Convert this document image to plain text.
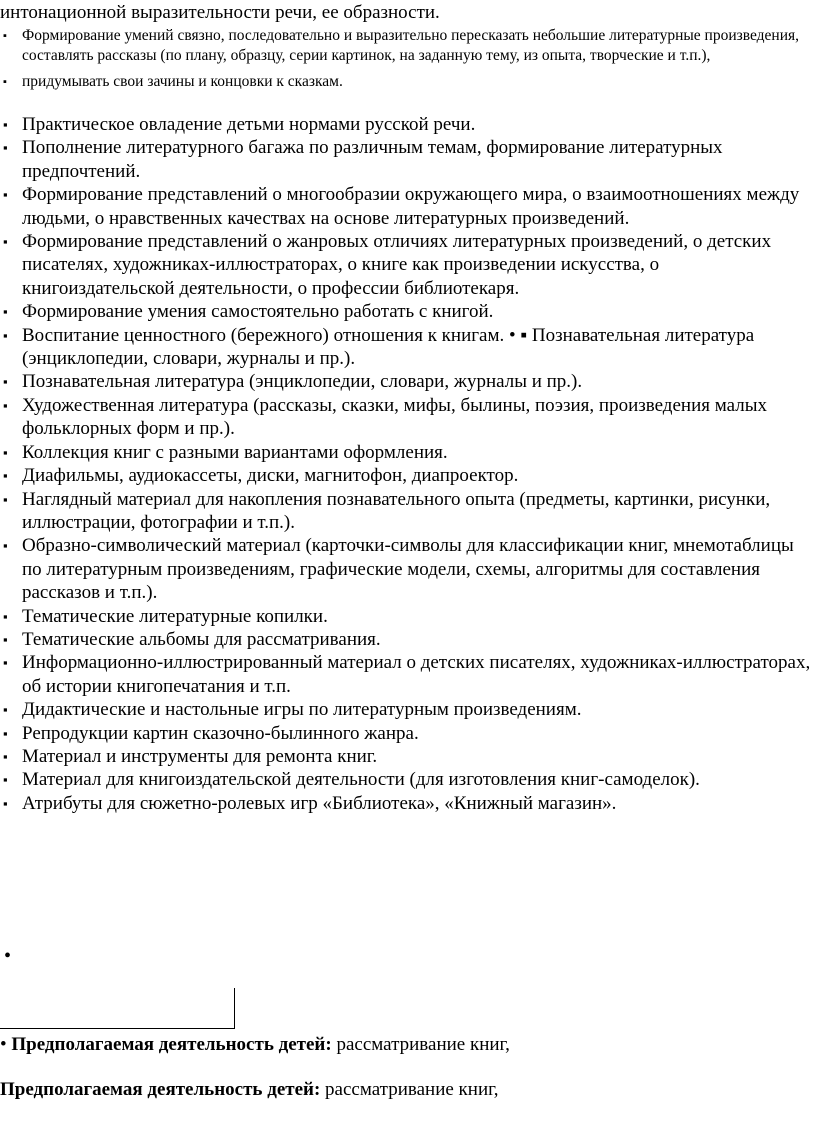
интонационной выразительности речи, ее образности.
▪ Формирование умений связно, последовательно и выразительно пересказать небольшие литературные произведения, составлять рассказы (по плану, образцу, серии картинок, на заданную тему, из опыта, творческие и т.п.),
▪ придумывать свои зачины и концовки к сказкам.
▪ Практическое овладение детьми нормами русской речи.
▪ Пополнение литературного багажа по различным темам, формирование литературных предпочтений.
▪ Формирование представлений о многообразии окружающего мира, о взаимоотношениях между людьми, о нравственных качествах на основе литературных произведений.
▪ Формирование представлений о жанровых отличиях литературных произведений, о детских писателях, художниках-иллюстраторах, о книге как произведении искусства, о книгоиздательской деятельности, о профессии библиотекаря.
▪ Формирование умения самостоятельно работать с книгой.
▪ Воспитание ценностного (бережного) отношения к книгам. • ▪ Познавательная литература (энциклопедии, словари, журналы и пр.).
▪ Познавательная литература (энциклопедии, словари, журналы и пр.).
▪ Художественная литература (рассказы, сказки, мифы, былины, поэзия, произведения малых фольклорных форм и пр.).
▪ Коллекция книг с разными вариантами оформления.
▪ Диафильмы, аудиокассеты, диски, магнитофон, диапроектор.
▪ Наглядный материал для накопления познавательного опыта (предметы, картинки, рисунки, иллюстрации, фотографии и т.п.).
▪ Образно-символический материал (карточки-символы для классификации книг, мнемотаблицы по литературным произведениям, графические модели, схемы, алгоритмы для составления рассказов и т.п.).
▪ Тематические литературные копилки.
▪ Тематические альбомы для рассматривания.
▪ Информационно-иллюстрированный материал о детских писателях, художниках-иллюстраторах, об истории книгопечатания и т.п.
▪ Дидактические и настольные игры по литературным произведениям.
▪ Репродукции картин сказочно-былинного жанра.
▪ Материал и инструменты для ремонта книг.
▪ Материал для книгоиздательской деятельности (для изготовления книг-самоделок).
▪ Атрибуты для сюжетно-ролевых игр «Библиотека», «Книжный магазин».
•
• Предполагаемая деятельность детей: рассматривание книг,
Предполагаемая деятельность детей: рассматривание книг,
